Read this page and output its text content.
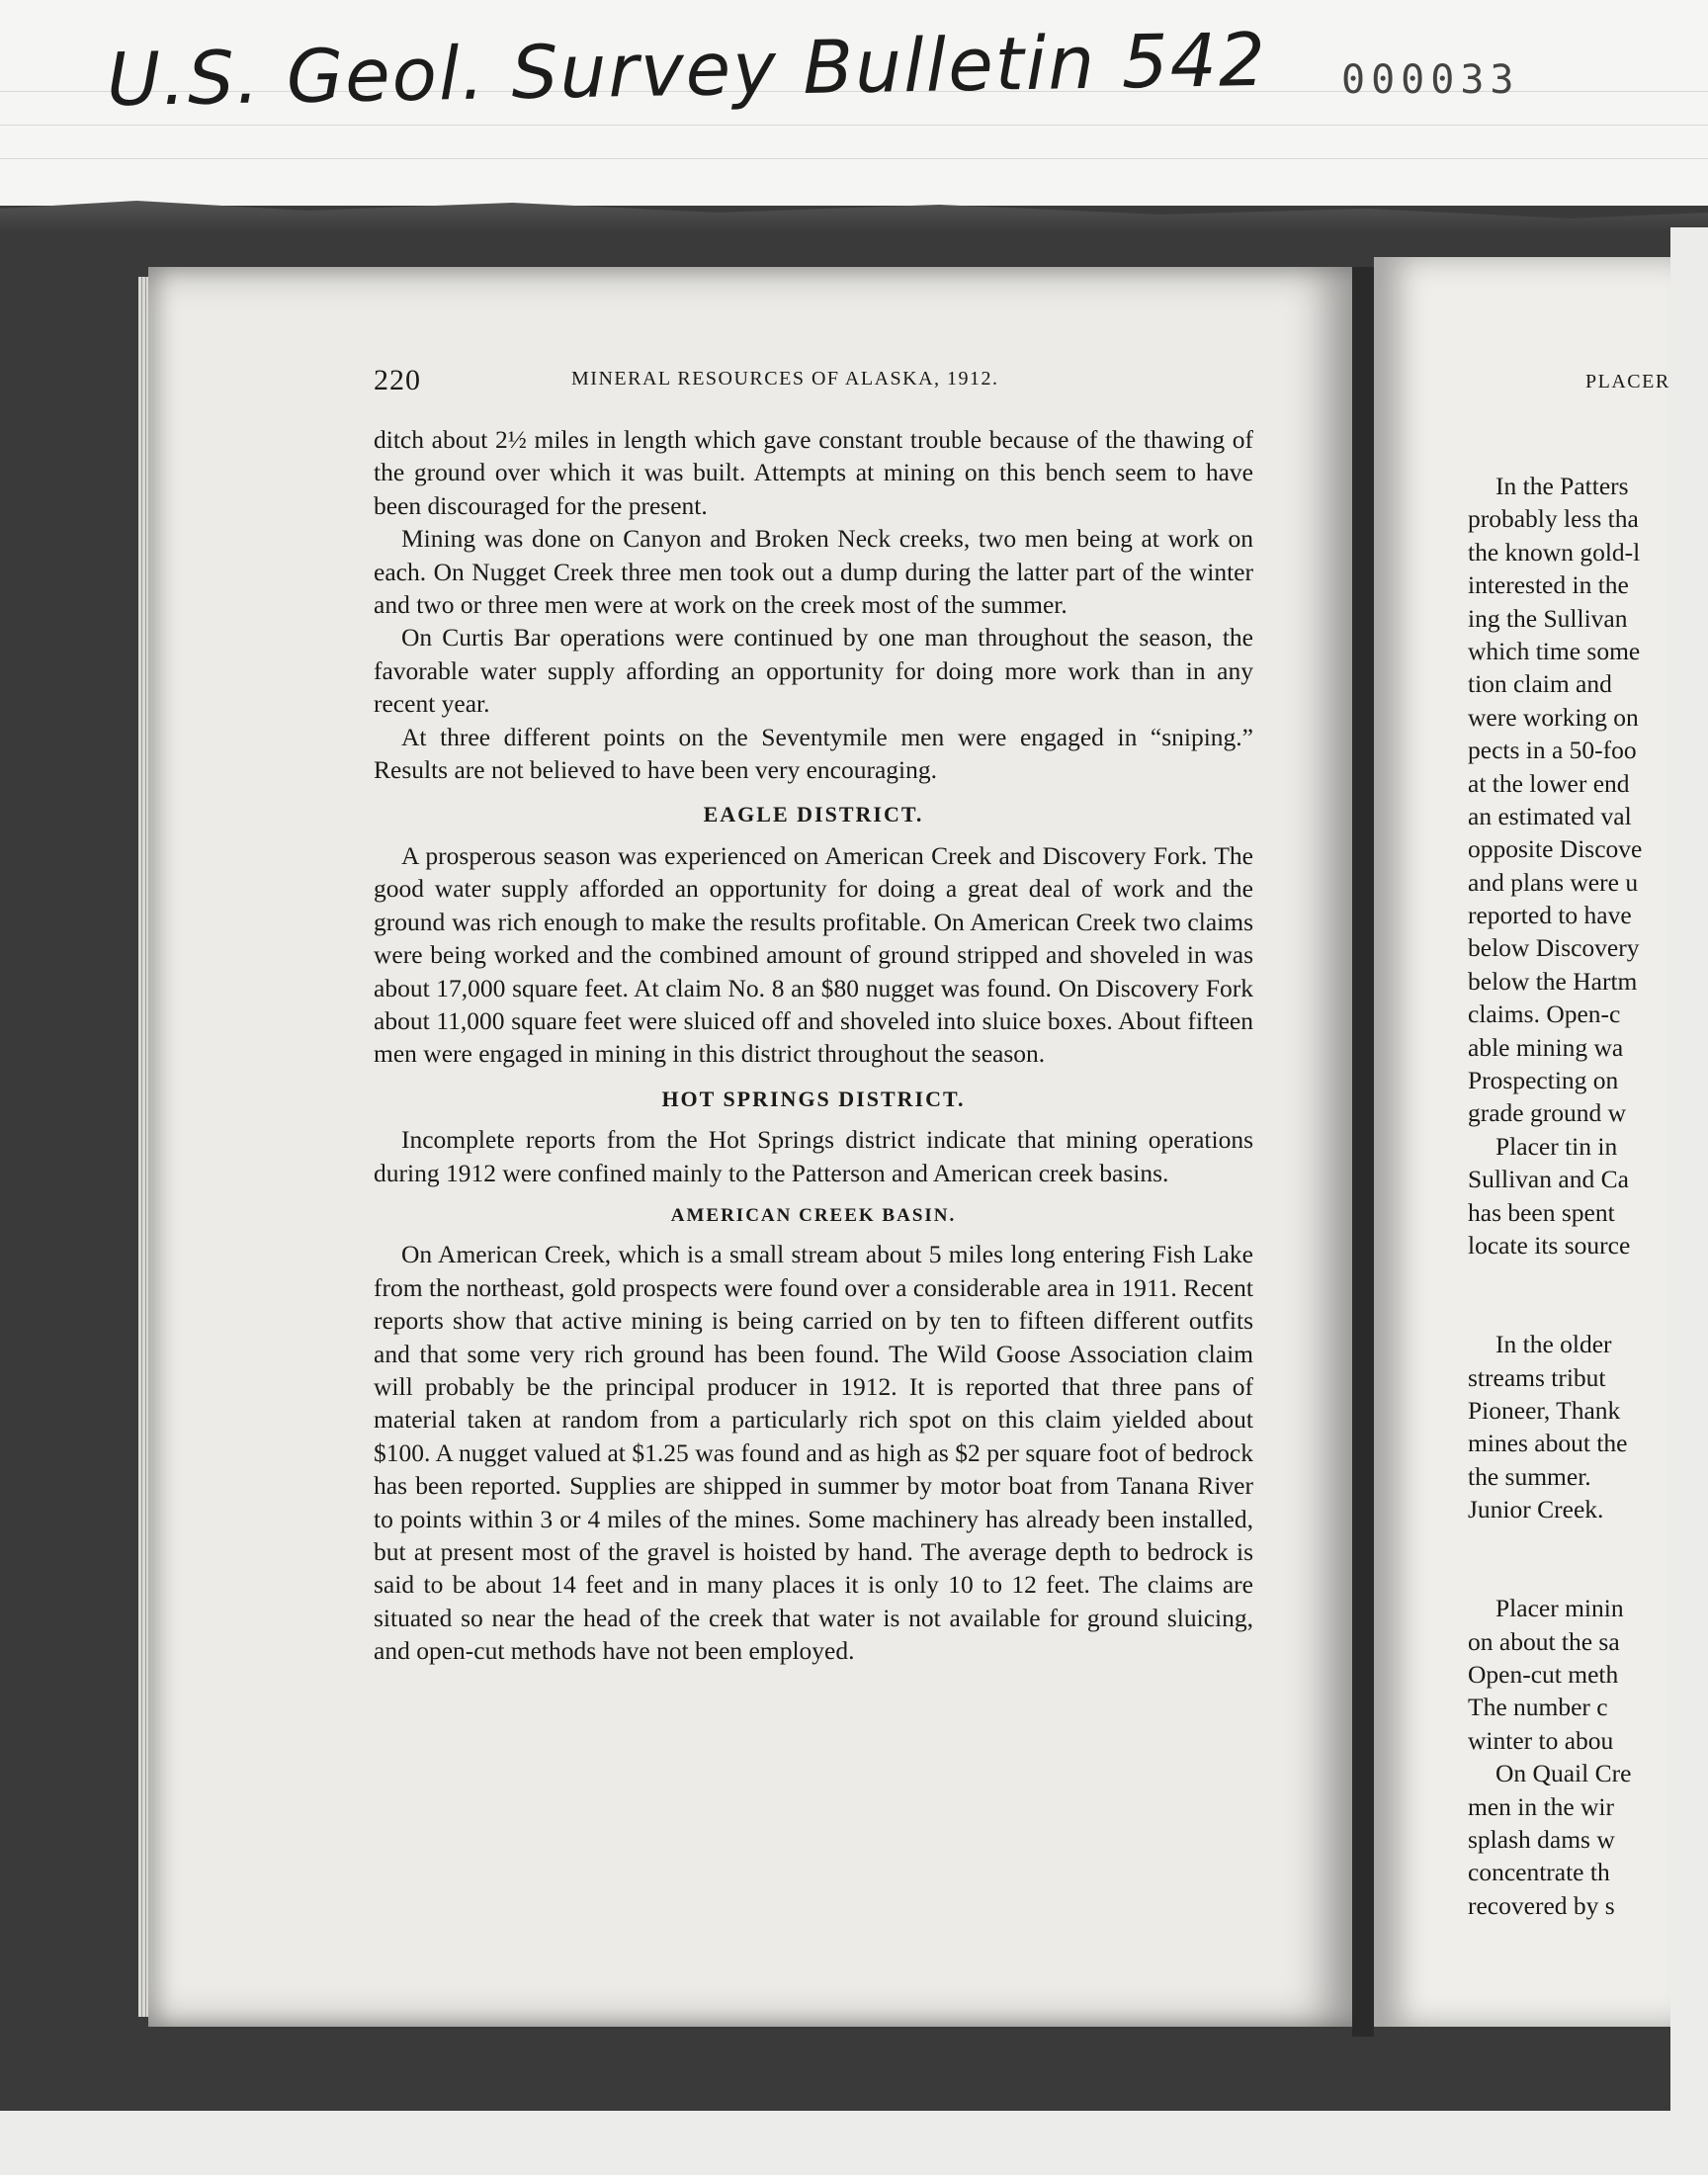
U.S. Geol. Survey Bulletin 542 000033
220	MINERAL RESOURCES OF ALASKA, 1912.

ditch about 2½ miles in length which gave constant trouble because of the thawing of the ground over which it was built. Attempts at mining on this bench seem to have been discouraged for the present.

Mining was done on Canyon and Broken Neck creeks, two men being at work on each. On Nugget Creek three men took out a dump during the latter part of the winter and two or three men were at work on the creek most of the summer.

On Curtis Bar operations were continued by one man throughout the season, the favorable water supply affording an opportunity for doing more work than in any recent year.

At three different points on the Seventymile men were engaged in “sniping.” Results are not believed to have been very encouraging.

EAGLE DISTRICT.

A prosperous season was experienced on American Creek and Discovery Fork. The good water supply afforded an opportunity for doing a great deal of work and the ground was rich enough to make the results profitable. On American Creek two claims were being worked and the combined amount of ground stripped and shoveled in was about 17,000 square feet. At claim No. 8 an $80 nugget was found. On Discovery Fork about 11,000 square feet were sluiced off and shoveled into sluice boxes. About fifteen men were engaged in mining in this district throughout the season.

HOT SPRINGS DISTRICT.

Incomplete reports from the Hot Springs district indicate that mining operations during 1912 were confined mainly to the Patterson and American creek basins.

AMERICAN CREEK BASIN.

On American Creek, which is a small stream about 5 miles long entering Fish Lake from the northeast, gold prospects were found over a considerable area in 1911. Recent reports show that active mining is being carried on by ten to fifteen different outfits and that some very rich ground has been found. The Wild Goose Association claim will probably be the principal producer in 1912. It is reported that three pans of material taken at random from a particularly rich spot on this claim yielded about $100. A nugget valued at $1.25 was found and as high as $2 per square foot of bedrock has been reported. Supplies are shipped in summer by motor boat from Tanana River to points within 3 or 4 miles of the mines. Some machinery has already been installed, but at present most of the gravel is hoisted by hand. The average depth to bedrock is said to be about 14 feet and in many places it is only 10 to 12 feet. The claims are situated so near the head of the creek that water is not available for ground sluicing, and open-cut methods have not been employed.

PLACER
In the Patters
probably less tha
the known gold-l
interested in the
ing the Sullivan
which time some
tion claim and
were working on
pects in a 50-foo
at the lower end
an estimated val
opposite Discove
and plans were u
reported to have
below Discovery
below the Hartm
claims. Open-c
able mining wa
Prospecting on
grade ground w
Placer tin in
Sullivan and Ca
has been spent
locate its source
In the older
streams tribut
Pioneer, Thank
mines about the
the summer.
Junior Creek.
Placer minin
on about the sa
Open-cut meth
The number c
winter to abou
On Quail Cre
men in the wir
splash dams w
concentrate th
recovered by s
